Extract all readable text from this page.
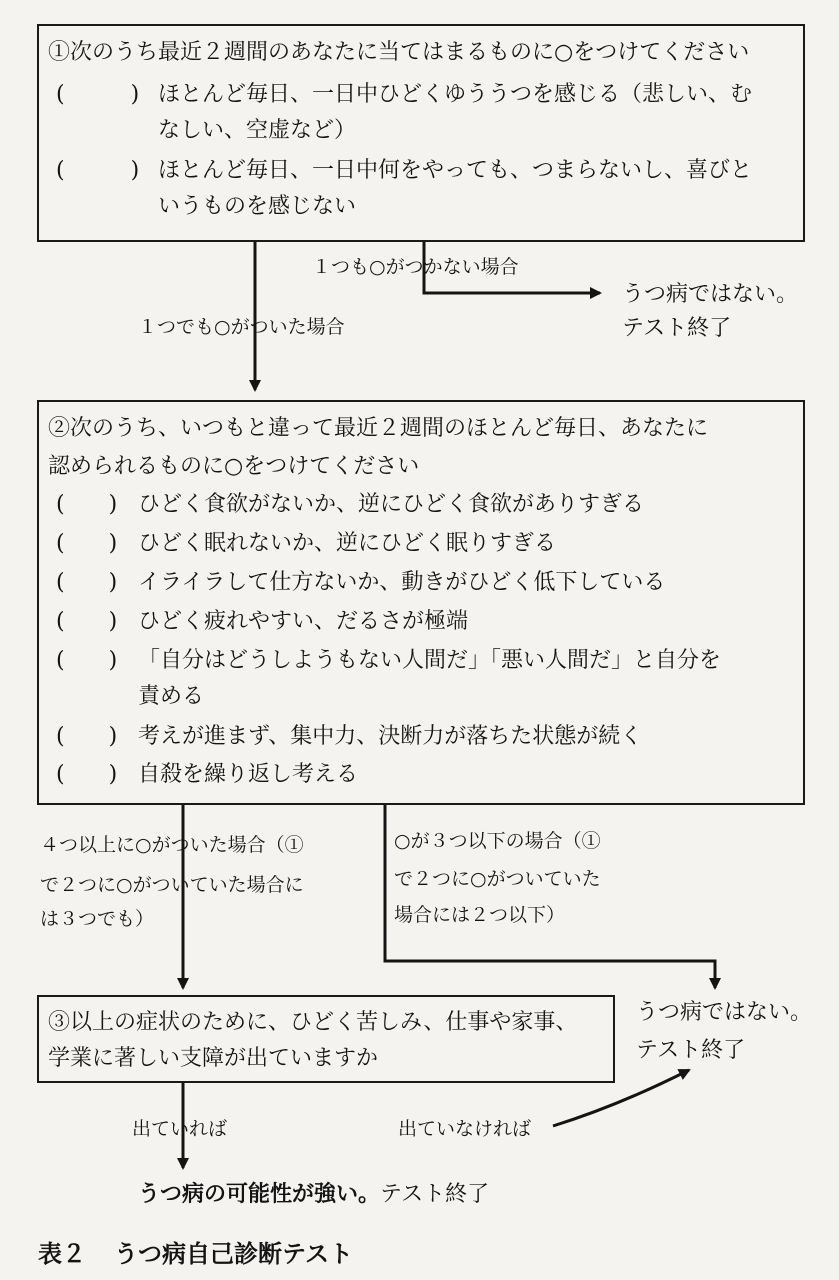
①次のうち最近２週間のあなたに当てはまるものに○をつけてください
(　　　) ほとんど毎日、一日中ひどくゆううつを感じる（悲しい、む
なしい、空虚など）
(　　　) ほとんど毎日、一日中何をやっても、つまらないし、喜びと
いうものを感じない
１つも○がつかない場合
うつ病ではない。
テスト終了
１つでも○がついた場合
②次のうち、いつもと違って最近２週間のほとんど毎日、あなたに
認められるものに○をつけてください
(　　) ひどく食欲がないか、逆にひどく食欲がありすぎる
(　　) ひどく眠れないか、逆にひどく眠りすぎる
(　　) イライラして仕方ないか、動きがひどく低下している
(　　) ひどく疲れやすい、だるさが極端
(　　) 「自分はどうしようもない人間だ」「悪い人間だ」と自分を
責める
(　　) 考えが進まず、集中力、決断力が落ちた状態が続く
(　　) 自殺を繰り返し考える
４つ以上に○がついた場合（①
で２つに○がついていた場合に
は３つでも）
○が３つ以下の場合（①
で２つに○がついていた
場合には２つ以下）
うつ病ではない。
テスト終了
③以上の症状のために、ひどく苦しみ、仕事や家事、
学業に著しい支障が出ていますか
出ていれば	出ていなければ
うつ病の可能性が強い。テスト終了
表２ うつ病自己診断テスト
